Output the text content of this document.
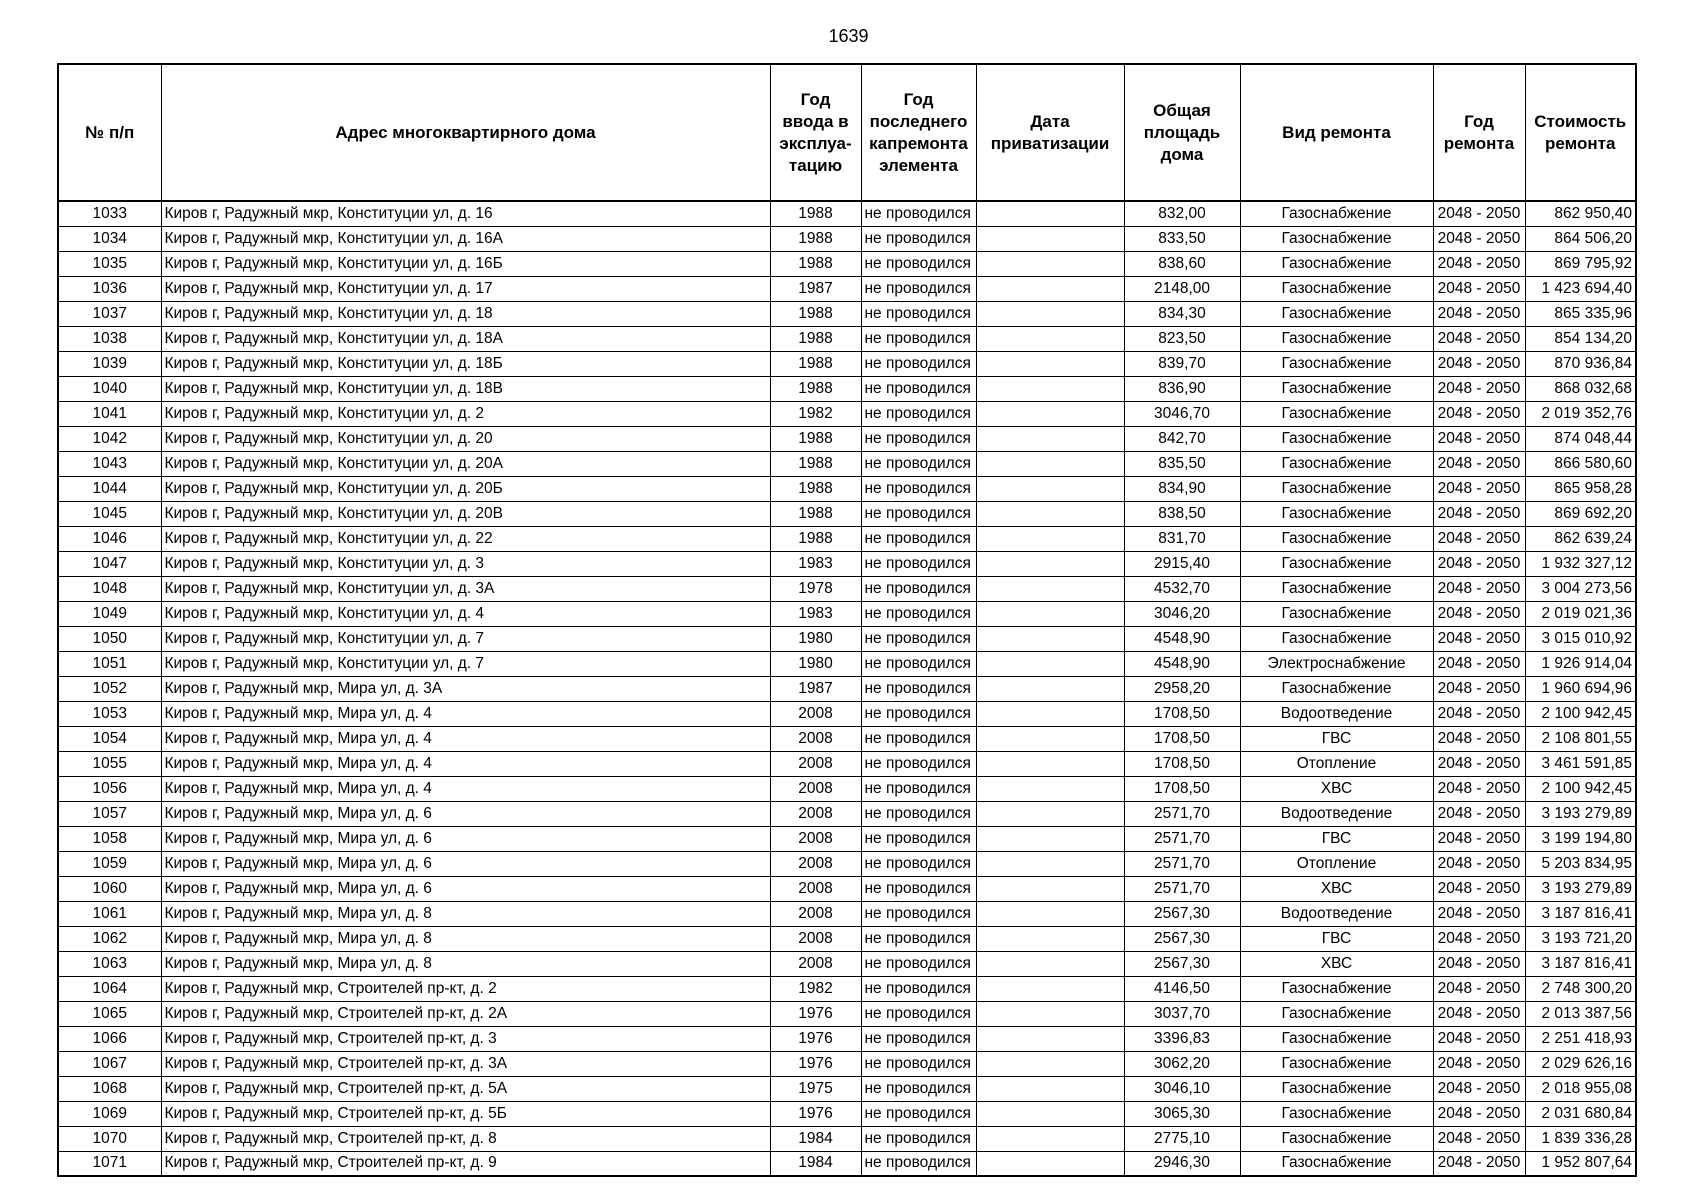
1639
№ п/п	Адрес многоквартирного дома	Год ввода в эксплуа-тацию	Год последнего капремонта элемента	Дата приватизации	Общая площадь дома	Вид ремонта	Год ремонта	Стоимость ремонта
1033	Киров г, Радужный мкр, Конституции ул, д. 16	1988	не проводился		832,00	Газоснабжение	2048 - 2050	862 950,40
1034	Киров г, Радужный мкр, Конституции ул, д. 16А	1988	не проводился		833,50	Газоснабжение	2048 - 2050	864 506,20
1035	Киров г, Радужный мкр, Конституции ул, д. 16Б	1988	не проводился		838,60	Газоснабжение	2048 - 2050	869 795,92
1036	Киров г, Радужный мкр, Конституции ул, д. 17	1987	не проводился		2148,00	Газоснабжение	2048 - 2050	1 423 694,40
1037	Киров г, Радужный мкр, Конституции ул, д. 18	1988	не проводился		834,30	Газоснабжение	2048 - 2050	865 335,96
1038	Киров г, Радужный мкр, Конституции ул, д. 18А	1988	не проводился		823,50	Газоснабжение	2048 - 2050	854 134,20
1039	Киров г, Радужный мкр, Конституции ул, д. 18Б	1988	не проводился		839,70	Газоснабжение	2048 - 2050	870 936,84
1040	Киров г, Радужный мкр, Конституции ул, д. 18В	1988	не проводился		836,90	Газоснабжение	2048 - 2050	868 032,68
1041	Киров г, Радужный мкр, Конституции ул, д. 2	1982	не проводился		3046,70	Газоснабжение	2048 - 2050	2 019 352,76
1042	Киров г, Радужный мкр, Конституции ул, д. 20	1988	не проводился		842,70	Газоснабжение	2048 - 2050	874 048,44
1043	Киров г, Радужный мкр, Конституции ул, д. 20А	1988	не проводился		835,50	Газоснабжение	2048 - 2050	866 580,60
1044	Киров г, Радужный мкр, Конституции ул, д. 20Б	1988	не проводился		834,90	Газоснабжение	2048 - 2050	865 958,28
1045	Киров г, Радужный мкр, Конституции ул, д. 20В	1988	не проводился		838,50	Газоснабжение	2048 - 2050	869 692,20
1046	Киров г, Радужный мкр, Конституции ул, д. 22	1988	не проводился		831,70	Газоснабжение	2048 - 2050	862 639,24
1047	Киров г, Радужный мкр, Конституции ул, д. 3	1983	не проводился		2915,40	Газоснабжение	2048 - 2050	1 932 327,12
1048	Киров г, Радужный мкр, Конституции ул, д. 3А	1978	не проводился		4532,70	Газоснабжение	2048 - 2050	3 004 273,56
1049	Киров г, Радужный мкр, Конституции ул, д. 4	1983	не проводился		3046,20	Газоснабжение	2048 - 2050	2 019 021,36
1050	Киров г, Радужный мкр, Конституции ул, д. 7	1980	не проводился		4548,90	Газоснабжение	2048 - 2050	3 015 010,92
1051	Киров г, Радужный мкр, Конституции ул, д. 7	1980	не проводился		4548,90	Электроснабжение	2048 - 2050	1 926 914,04
1052	Киров г, Радужный мкр, Мира ул, д. 3А	1987	не проводился		2958,20	Газоснабжение	2048 - 2050	1 960 694,96
1053	Киров г, Радужный мкр, Мира ул, д. 4	2008	не проводился		1708,50	Водоотведение	2048 - 2050	2 100 942,45
1054	Киров г, Радужный мкр, Мира ул, д. 4	2008	не проводился		1708,50	ГВС	2048 - 2050	2 108 801,55
1055	Киров г, Радужный мкр, Мира ул, д. 4	2008	не проводился		1708,50	Отопление	2048 - 2050	3 461 591,85
1056	Киров г, Радужный мкр, Мира ул, д. 4	2008	не проводился		1708,50	ХВС	2048 - 2050	2 100 942,45
1057	Киров г, Радужный мкр, Мира ул, д. 6	2008	не проводился		2571,70	Водоотведение	2048 - 2050	3 193 279,89
1058	Киров г, Радужный мкр, Мира ул, д. 6	2008	не проводился		2571,70	ГВС	2048 - 2050	3 199 194,80
1059	Киров г, Радужный мкр, Мира ул, д. 6	2008	не проводился		2571,70	Отопление	2048 - 2050	5 203 834,95
1060	Киров г, Радужный мкр, Мира ул, д. 6	2008	не проводился		2571,70	ХВС	2048 - 2050	3 193 279,89
1061	Киров г, Радужный мкр, Мира ул, д. 8	2008	не проводился		2567,30	Водоотведение	2048 - 2050	3 187 816,41
1062	Киров г, Радужный мкр, Мира ул, д. 8	2008	не проводился		2567,30	ГВС	2048 - 2050	3 193 721,20
1063	Киров г, Радужный мкр, Мира ул, д. 8	2008	не проводился		2567,30	ХВС	2048 - 2050	3 187 816,41
1064	Киров г, Радужный мкр, Строителей пр-кт, д. 2	1982	не проводился		4146,50	Газоснабжение	2048 - 2050	2 748 300,20
1065	Киров г, Радужный мкр, Строителей пр-кт, д. 2А	1976	не проводился		3037,70	Газоснабжение	2048 - 2050	2 013 387,56
1066	Киров г, Радужный мкр, Строителей пр-кт, д. 3	1976	не проводился		3396,83	Газоснабжение	2048 - 2050	2 251 418,93
1067	Киров г, Радужный мкр, Строителей пр-кт, д. 3А	1976	не проводился		3062,20	Газоснабжение	2048 - 2050	2 029 626,16
1068	Киров г, Радужный мкр, Строителей пр-кт, д. 5А	1975	не проводился		3046,10	Газоснабжение	2048 - 2050	2 018 955,08
1069	Киров г, Радужный мкр, Строителей пр-кт, д. 5Б	1976	не проводился		3065,30	Газоснабжение	2048 - 2050	2 031 680,84
1070	Киров г, Радужный мкр, Строителей пр-кт, д. 8	1984	не проводился		2775,10	Газоснабжение	2048 - 2050	1 839 336,28
1071	Киров г, Радужный мкр, Строителей пр-кт, д. 9	1984	не проводился		2946,30	Газоснабжение	2048 - 2050	1 952 807,64
